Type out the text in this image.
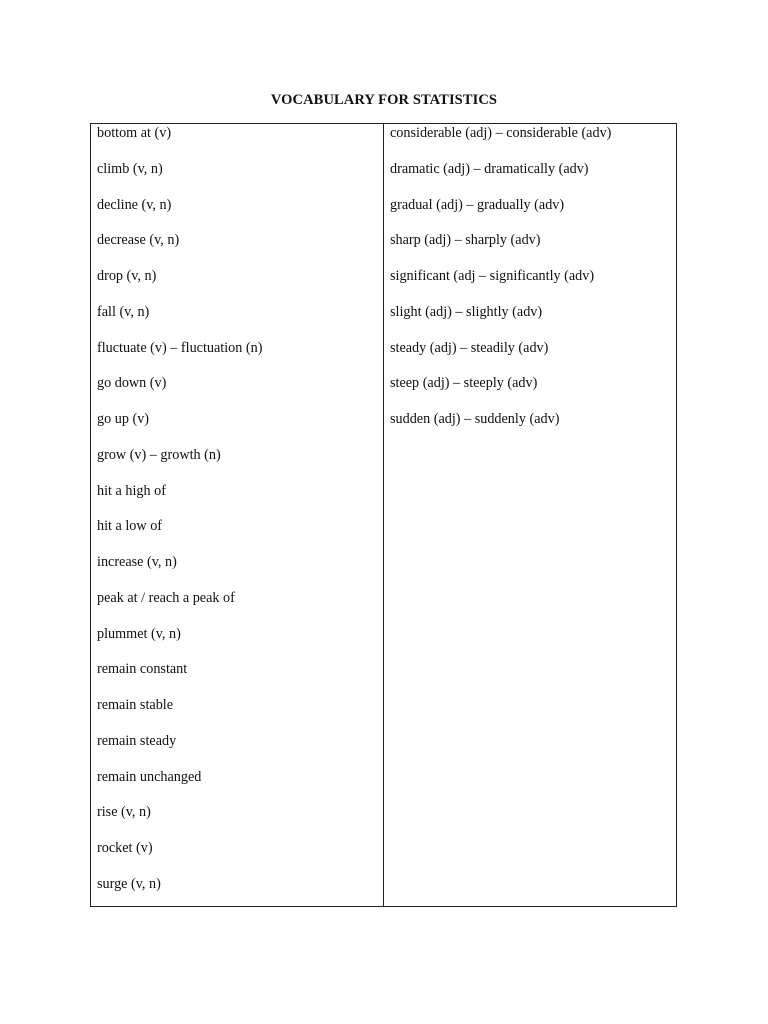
VOCABULARY FOR STATISTICS
bottom at (v)
climb (v, n)
decline (v, n)
decrease (v, n)
drop (v, n)
fall (v, n)
fluctuate (v) – fluctuation (n)
go down (v)
go up (v)
grow (v) – growth (n)
hit a high of
hit a low of
increase (v, n)
peak at / reach a peak of
plummet (v, n)
remain constant
remain stable
remain steady
remain unchanged
rise (v, n)
rocket (v)
surge (v, n)
considerable (adj) – considerable (adv)
dramatic (adj) – dramatically (adv)
gradual (adj) – gradually (adv)
sharp (adj) – sharply (adv)
significant (adj – significantly (adv)
slight (adj) – slightly (adv)
steady (adj) – steadily (adv)
steep (adj) – steeply (adv)
sudden (adj) – suddenly (adv)
